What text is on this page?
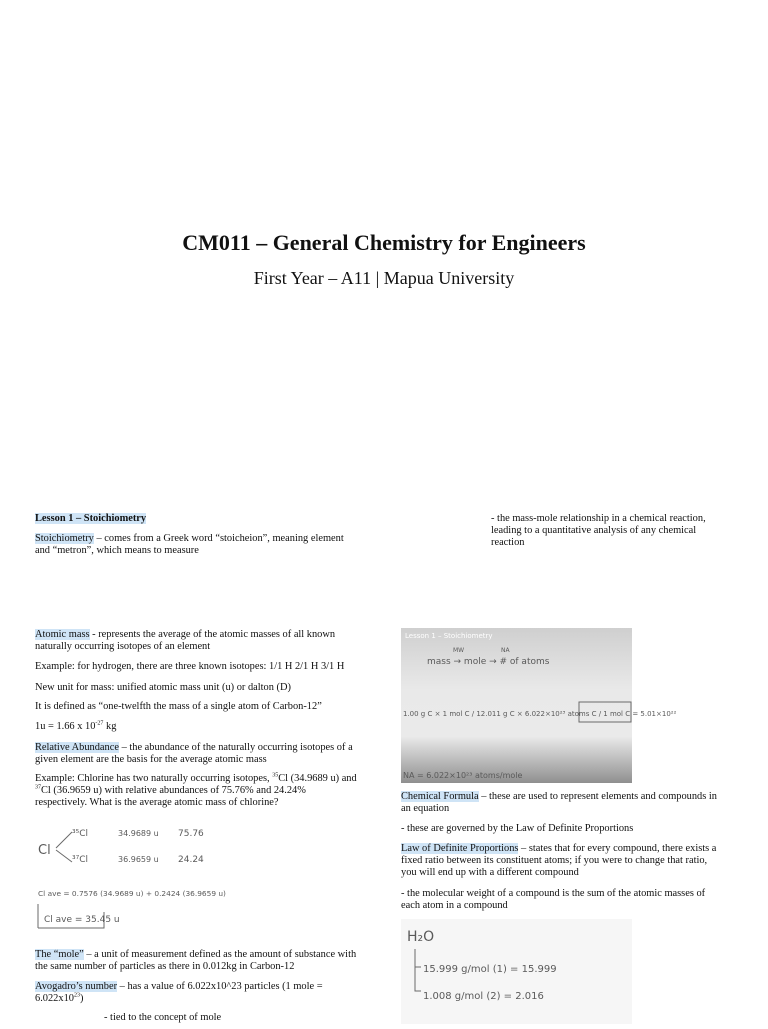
CM011 – General Chemistry for Engineers
First Year – A11 | Mapua University

Lesson 1 – Stoichiometry

Stoichiometry – comes from a Greek word “stoicheion”, meaning element
and “metron”, which means to measure

- the mass-mole relationship in a chemical reaction,
leading to a quantitative analysis of any chemical
reaction

Atomic mass - represents the average of the atomic masses of all known
naturally occurring isotopes of an element

Example: for hydrogen, there are three known isotopes: 1/1 H 2/1 H 3/1 H

New unit for mass: unified atomic mass unit (u) or dalton (D)

It is defined as “one-twelfth the mass of a single atom of Carbon-12”

1u = 1.66 x $10^{-27}$ kg

Relative Abundance – the abundance of the naturally occurring isotopes of a
given element are the basis for the average atomic mass

Example: Chlorine has two naturally occurring isotopes, $^{35}$Cl (34.9689 u) and
$^{37}$Cl (36.9659 u) with relative abundances of 75.76% and 24.24%
respectively. What is the average atomic mass of chlorine?

Cl
³⁵Cl	34.9689 u 75.76
³⁷Cl	36.9659 u 24.24
Cl ave = 0.7576 (34.9689 u) + 0.2424 (36.9659 u)
Cl ave = 35.45 u

The “mole” – a unit of measurement defined as the amount of substance with
the same number of particles as there in 0.012kg in Carbon-12

Avogadro’s number – has a value of 6.022x10^23 particles (1 mole =
$6.022x10^{23}$)

- tied to the concept of mole

Lesson 1 – Stoichiometry
mass → mole → # of atoms
MW	NA
1.00 g C × 1 mol C / 12.011 g C × 6.022×10²³ atoms C / 1 mol C = 5.01×10²²
NA = 6.022×10²³ atoms/mole

Chemical Formula – these are used to represent elements and compounds in
an equation

- these are governed by the Law of Definite Proportions

Law of Definite Proportions – states that for every compound, there exists a
fixed ratio between its constituent atoms; if you were to change that ratio,
you will end up with a different compound

- the molecular weight of a compound is the sum of the atomic masses of
each atom in a compound

H₂O
15.999 g/mol (1) = 15.999
1.008 g/mol (2) = 2.016
